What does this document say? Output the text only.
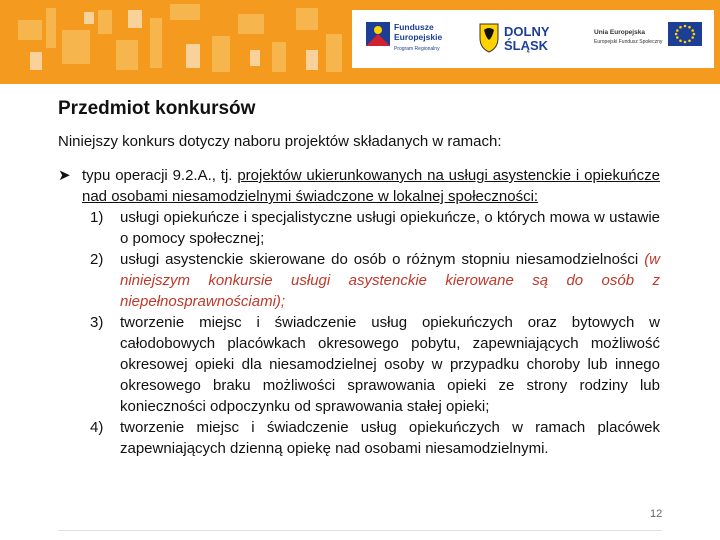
Fundusze
Europejskie
Program Regionalny
DOLNY
ŚLĄSK
Unia Europejska
Europejski Fundusz Społeczny
Przedmiot konkursów
Niniejszy konkurs dotyczy naboru projektów składanych w ramach:
➤ typu operacji 9.2.A., tj. projektów ukierunkowanych na usługi asystenckie i opiekuńcze nad osobami niesamodzielnymi świadczone w lokalnej społeczności:
1) usługi opiekuńcze i specjalistyczne usługi opiekuńcze, o których mowa w ustawie o pomocy społecznej;
2) usługi asystenckie skierowane do osób o różnym stopniu niesamodzielności (w niniejszym konkursie usługi asystenckie kierowane są do osób z niepełnosprawnościami);
3) tworzenie miejsc i świadczenie usług opiekuńczych oraz bytowych w całodobowych placówkach okresowego pobytu, zapewniających możliwość okresowej opieki dla niesamodzielnej osoby w przypadku choroby lub innego okresowego braku możliwości sprawowania opieki ze strony rodziny lub konieczności odpoczynku od sprawowania stałej opieki;
4) tworzenie miejsc i świadczenie usług opiekuńczych w ramach placówek zapewniających dzienną opiekę nad osobami niesamodzielnymi.
12
